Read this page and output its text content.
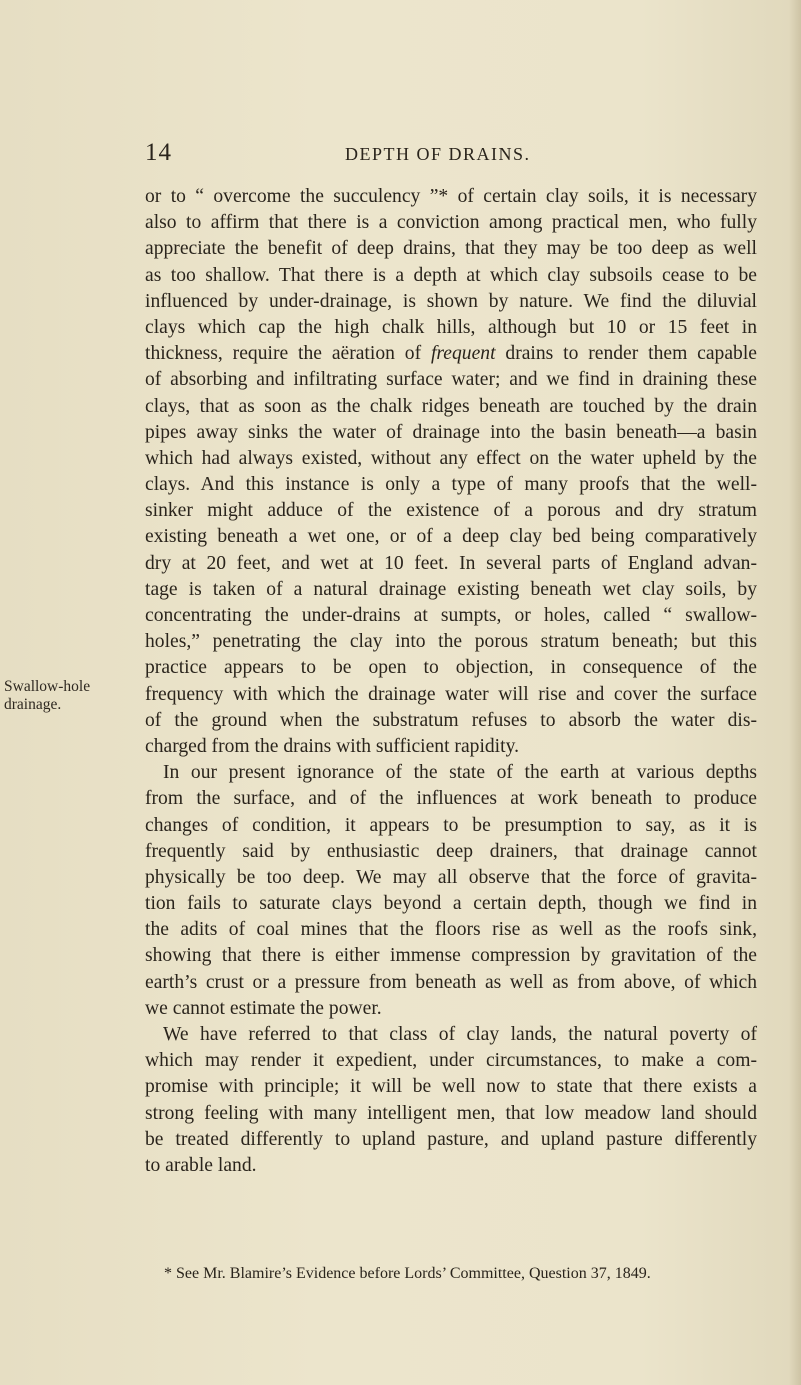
14	DEPTH OF DRAINS.
Swallow-hole
drainage.
or to “ overcome the succulency ”* of certain clay soils, it is necessary
also to affirm that there is a conviction among practical men, who fully
appreciate the benefit of deep drains, that they may be too deep as well
as too shallow. That there is a depth at which clay subsoils cease to be
influenced by under-drainage, is shown by nature. We find the diluvial
clays which cap the high chalk hills, although but 10 or 15 feet in
thickness, require the aëration of frequent drains to render them capable
of absorbing and infiltrating surface water; and we find in draining these
clays, that as soon as the chalk ridges beneath are touched by the drain
pipes away sinks the water of drainage into the basin beneath—a basin
which had always existed, without any effect on the water upheld by the
clays. And this instance is only a type of many proofs that the well-
sinker might adduce of the existence of a porous and dry stratum
existing beneath a wet one, or of a deep clay bed being comparatively
dry at 20 feet, and wet at 10 feet. In several parts of England advan-
tage is taken of a natural drainage existing beneath wet clay soils, by
concentrating the under-drains at sumpts, or holes, called “ swallow-
holes,” penetrating the clay into the porous stratum beneath; but this
practice appears to be open to objection, in consequence of the
frequency with which the drainage water will rise and cover the surface
of the ground when the substratum refuses to absorb the water dis-
charged from the drains with sufficient rapidity.
In our present ignorance of the state of the earth at various depths
from the surface, and of the influences at work beneath to produce
changes of condition, it appears to be presumption to say, as it is
frequently said by enthusiastic deep drainers, that drainage cannot
physically be too deep. We may all observe that the force of gravita-
tion fails to saturate clays beyond a certain depth, though we find in
the adits of coal mines that the floors rise as well as the roofs sink,
showing that there is either immense compression by gravitation of the
earth’s crust or a pressure from beneath as well as from above, of which
we cannot estimate the power.
We have referred to that class of clay lands, the natural poverty of
which may render it expedient, under circumstances, to make a com-
promise with principle; it will be well now to state that there exists a
strong feeling with many intelligent men, that low meadow land should
be treated differently to upland pasture, and upland pasture differently
to arable land.
* See Mr. Blamire’s Evidence before Lords’ Committee, Question 37, 1849.
